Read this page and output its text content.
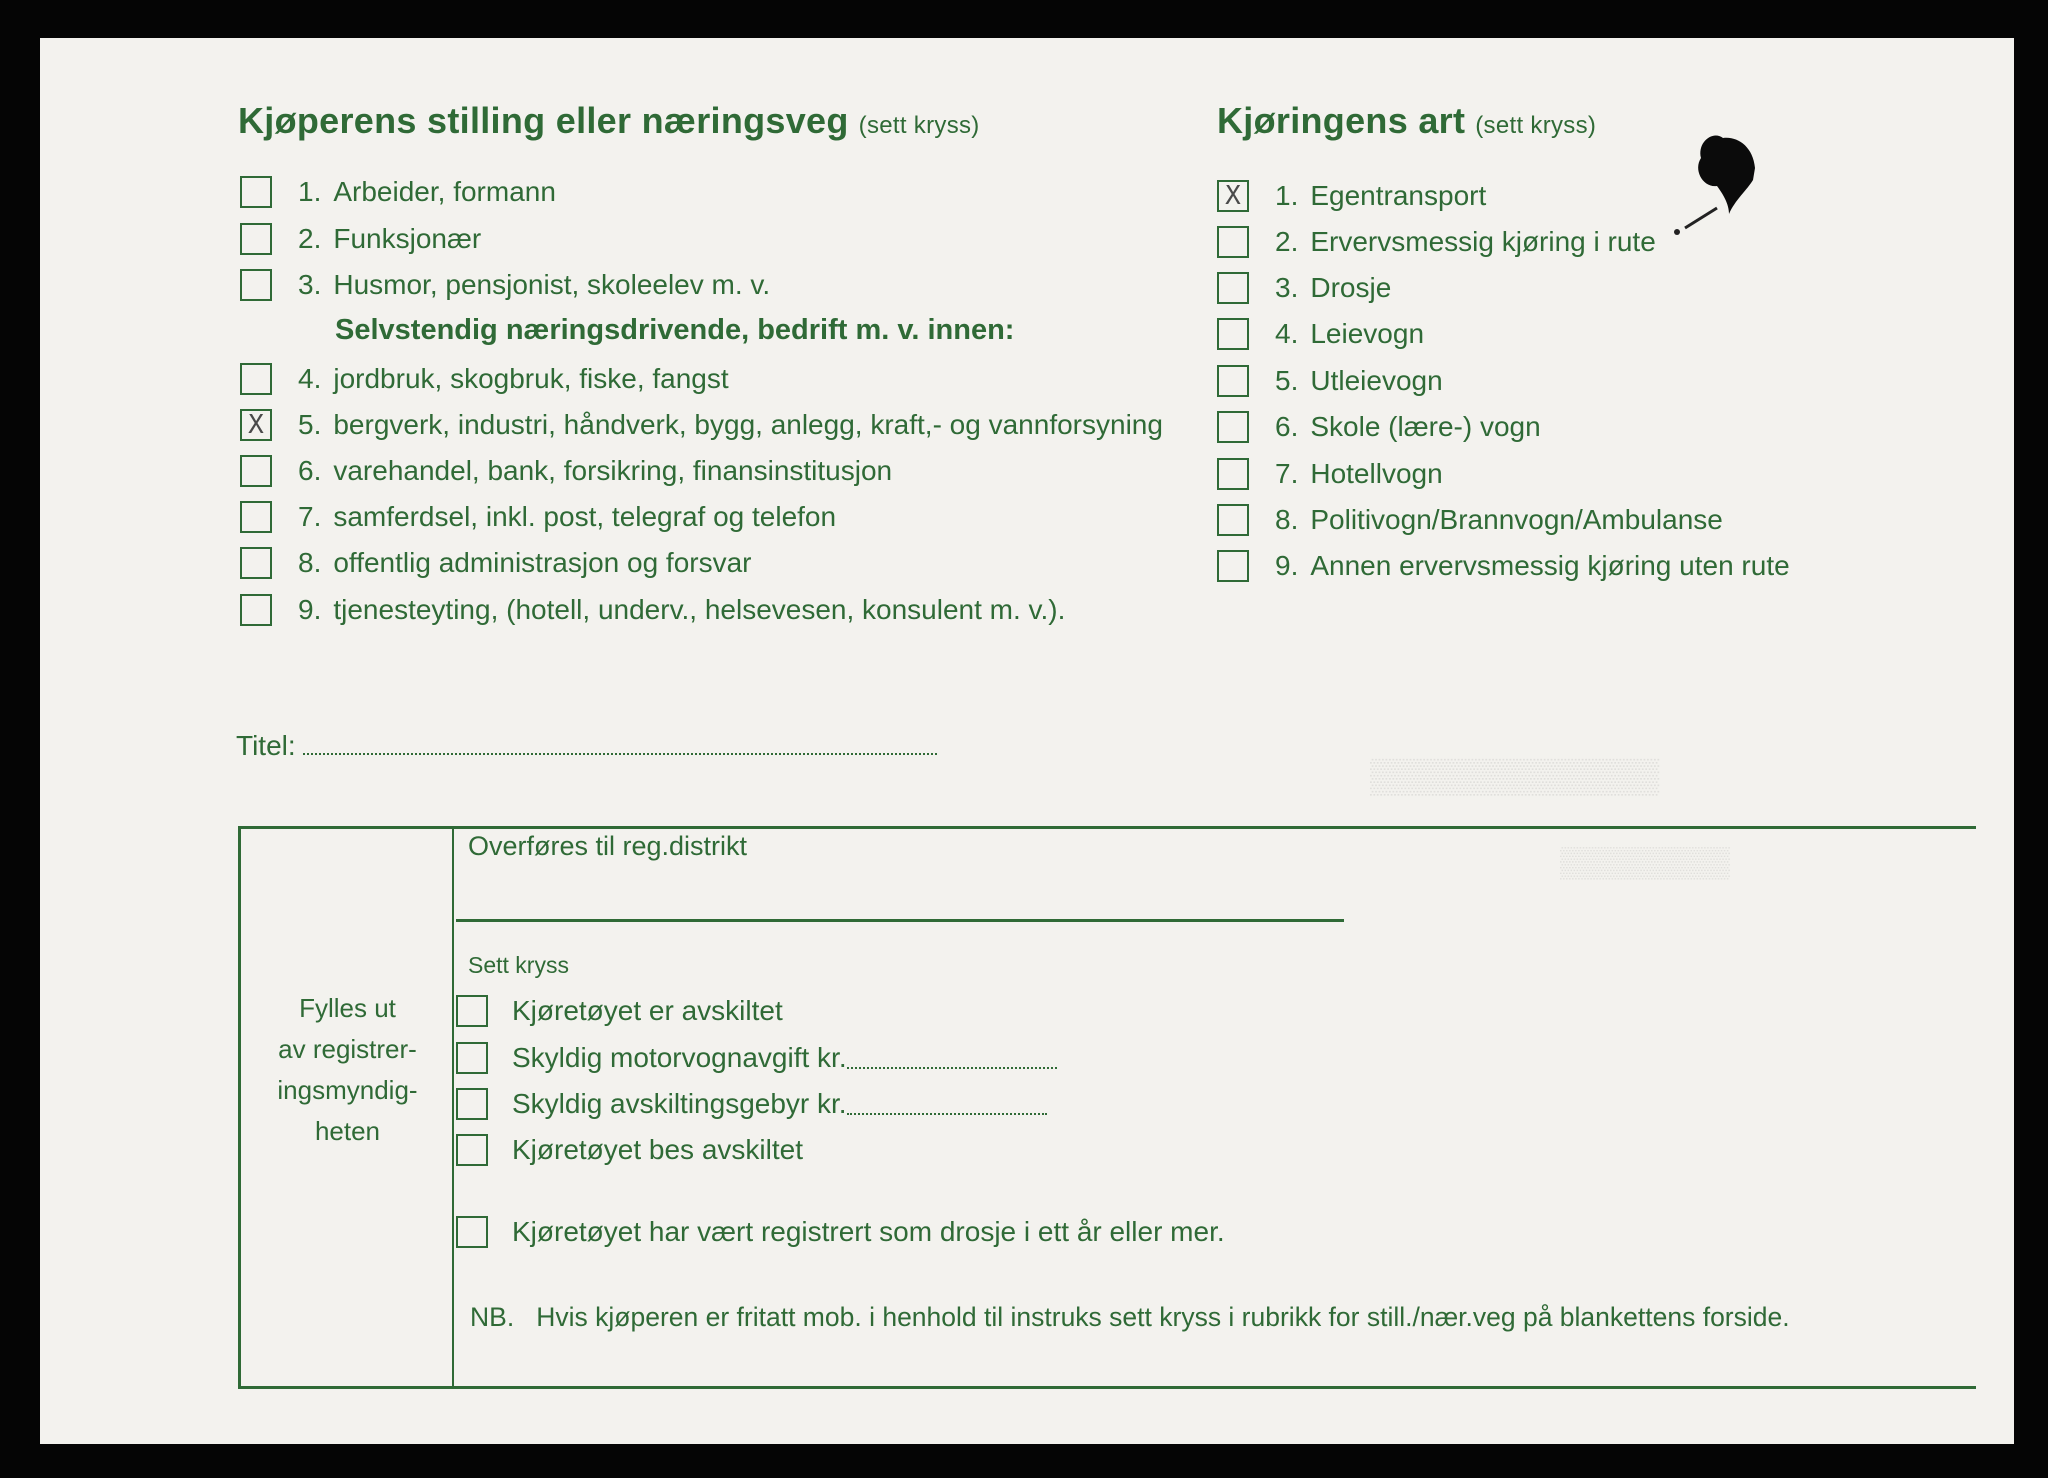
▒▒▒▒▒▒▒▒▒▒▒▒
▒▒▒▒▒▒▒▒
Kjøperens stilling eller næringsveg (sett kryss)
1. Arbeider, formann
2. Funksjonær
3. Husmor, pensjonist, skoleelev m. v.
Selvstendig næringsdrivende, bedrift m. v. innen:
4. jordbruk, skogbruk, fiske, fangst
X 5. bergverk, industri, håndverk, bygg, anlegg, kraft,- og vannforsyning
6. varehandel, bank, forsikring, finansinstitusjon
7. samferdsel, inkl. post, telegraf og telefon
8. offentlig administrasjon og forsvar
9. tjenesteyting, (hotell, underv., helsevesen, konsulent m. v.).
Kjøringens art (sett kryss)
X 1. Egentransport
2. Ervervsmessig kjøring i rute
3. Drosje
4. Leievogn
5. Utleievogn
6. Skole (lære-) vogn
7. Hotellvogn
8. Politivogn/Brannvogn/Ambulanse
9. Annen ervervsmessig kjøring uten rute
Titel:
Fylles ut
av registrer-
ingsmyndig-
heten
Overføres til reg.distrikt
Sett kryss
Kjøretøyet er avskiltet
Skyldig motorvognavgift kr.
Skyldig avskiltingsgebyr kr.
Kjøretøyet bes avskiltet
Kjøretøyet har vært registrert som drosje i ett år eller mer.
NB.   Hvis kjøperen er fritatt mob. i henhold til instruks sett kryss i rubrikk for still./nær.veg på blankettens forside.
